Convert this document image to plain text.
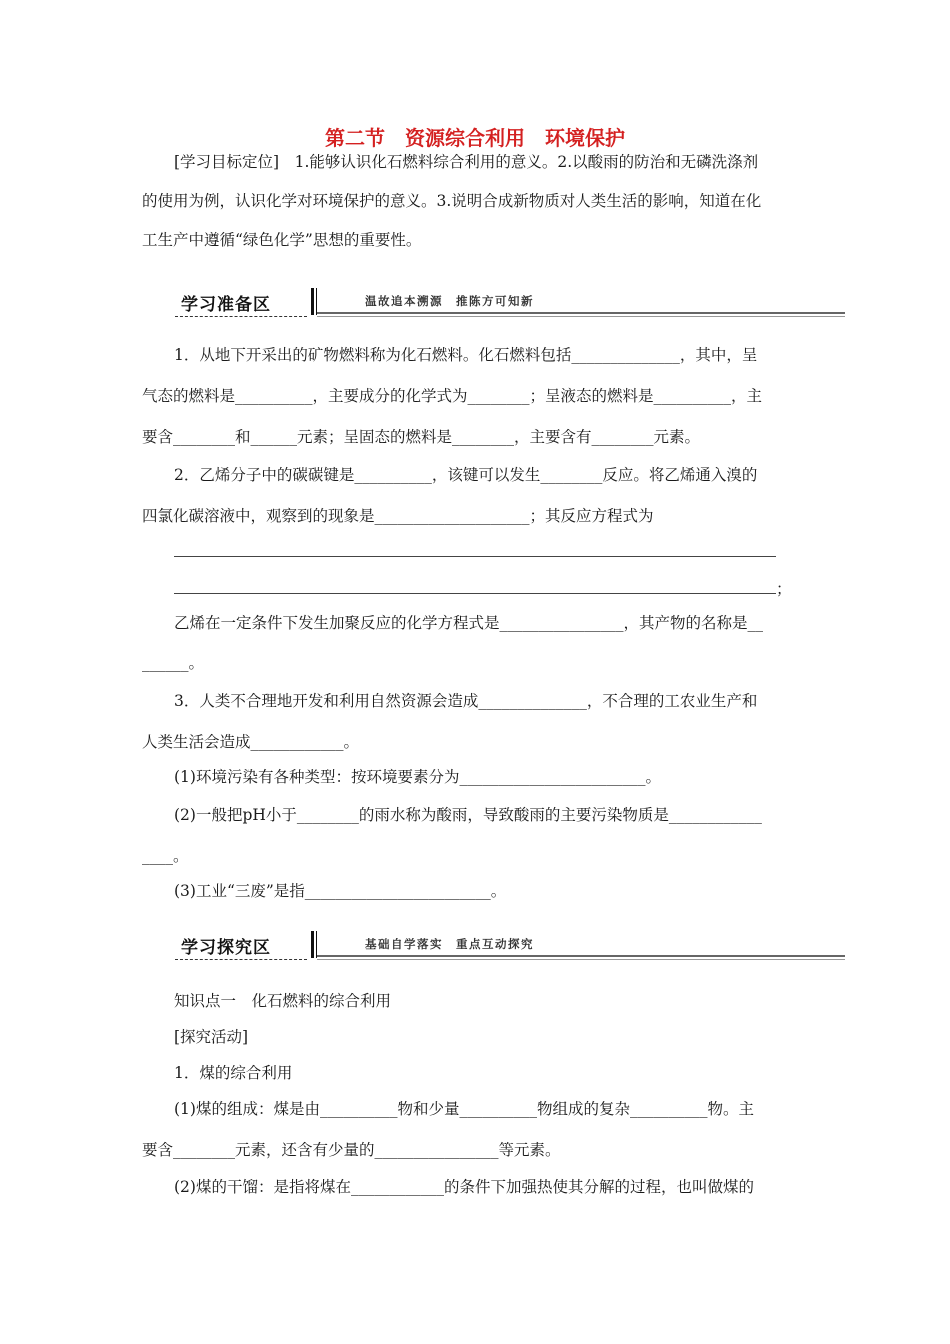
第二节　资源综合利用　环境保护
[学习目标定位]　1.能够认识化石燃料综合利用的意义。2.以酸雨的防治和无磷洗涤剂
的使用为例，认识化学对环境保护的意义。3.说明合成新物质对人类生活的影响，知道在化
工生产中遵循“绿色化学”思想的重要性。
学习准备区	温故追本溯源　推陈方可知新
1．从地下开采出的矿物燃料称为化石燃料。化石燃料包括______________，其中，呈
气态的燃料是__________，主要成分的化学式为________；呈液态的燃料是__________，主
要含________和______元素；呈固态的燃料是________，主要含有________元素。
2．乙烯分子中的碳碳键是__________，该键可以发生________反应。将乙烯通入溴的
四氯化碳溶液中，观察到的现象是____________________；其反应方程式为
；
乙烯在一定条件下发生加聚反应的化学方程式是________________，其产物的名称是__
______。
3．人类不合理地开发和利用自然资源会造成______________，不合理的工农业生产和
人类生活会造成____________。
(1)环境污染有各种类型：按环境要素分为________________________。
(2)一般把pH小于________的雨水称为酸雨，导致酸雨的主要污染物质是____________
____。
(3)工业“三废”是指________________________。
学习探究区	基础自学落实　重点互动探究
知识点一　化石燃料的综合利用
[探究活动]
1．煤的综合利用
(1)煤的组成：煤是由__________物和少量__________物组成的复杂__________物。主
要含________元素，还含有少量的________________等元素。
(2)煤的干馏：是指将煤在____________的条件下加强热使其分解的过程，也叫做煤的
